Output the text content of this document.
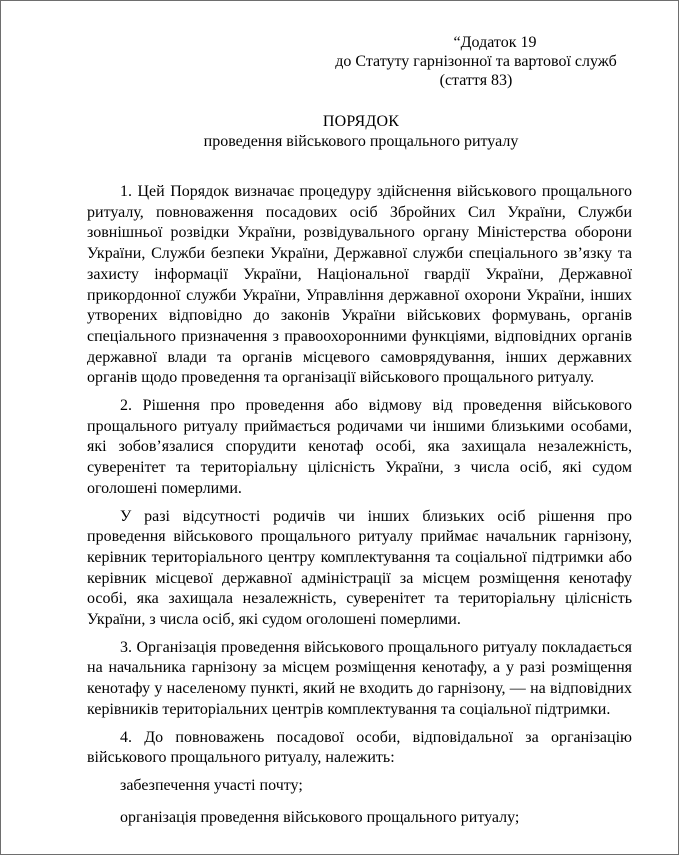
“Додаток 19
до Статуту гарнізонної та вартової служб
(стаття 83)
ПОРЯДОК
проведення військового прощального ритуалу

1. Цей Порядок визначає процедуру здійснення військового прощального ритуалу, повноваження посадових осіб Збройних Сил України, Служби зовнішньої розвідки України, розвідувального органу Міністерства оборони України, Служби безпеки України, Державної служби спеціального зв’язку та захисту інформації України, Національної гвардії України, Державної прикордонної служби України, Управління державної охорони України, інших утворених відповідно до законів України військових формувань, органів спеціального призначення з правоохоронними функціями, відповідних органів державної влади та органів місцевого самоврядування, інших державних органів щодо проведення та організації військового прощального ритуалу.

2. Рішення про проведення або відмову від проведення військового прощального ритуалу приймається родичами чи іншими близькими особами, які зобов’язалися спорудити кенотаф особі, яка захищала незалежність, суверенітет та територіальну цілісність України, з числа осіб, які судом оголошені померлими.

У разі відсутності родичів чи інших близьких осіб рішення про проведення військового прощального ритуалу приймає начальник гарнізону, керівник територіального центру комплектування та соціальної підтримки або керівник місцевої державної адміністрації за місцем розміщення кенотафу особі, яка захищала незалежність, суверенітет та територіальну цілісність України, з числа осіб, які судом оголошені померлими.

3. Організація проведення військового прощального ритуалу покладається на начальника гарнізону за місцем розміщення кенотафу, а у разі розміщення кенотафу у населеному пункті, який не входить до гарнізону, — на відповідних керівників територіальних центрів комплектування та соціальної підтримки.

4. До повноважень посадової особи, відповідальної за організацію військового прощального ритуалу, належить:

забезпечення участі почту;

організація проведення військового прощального ритуалу;
